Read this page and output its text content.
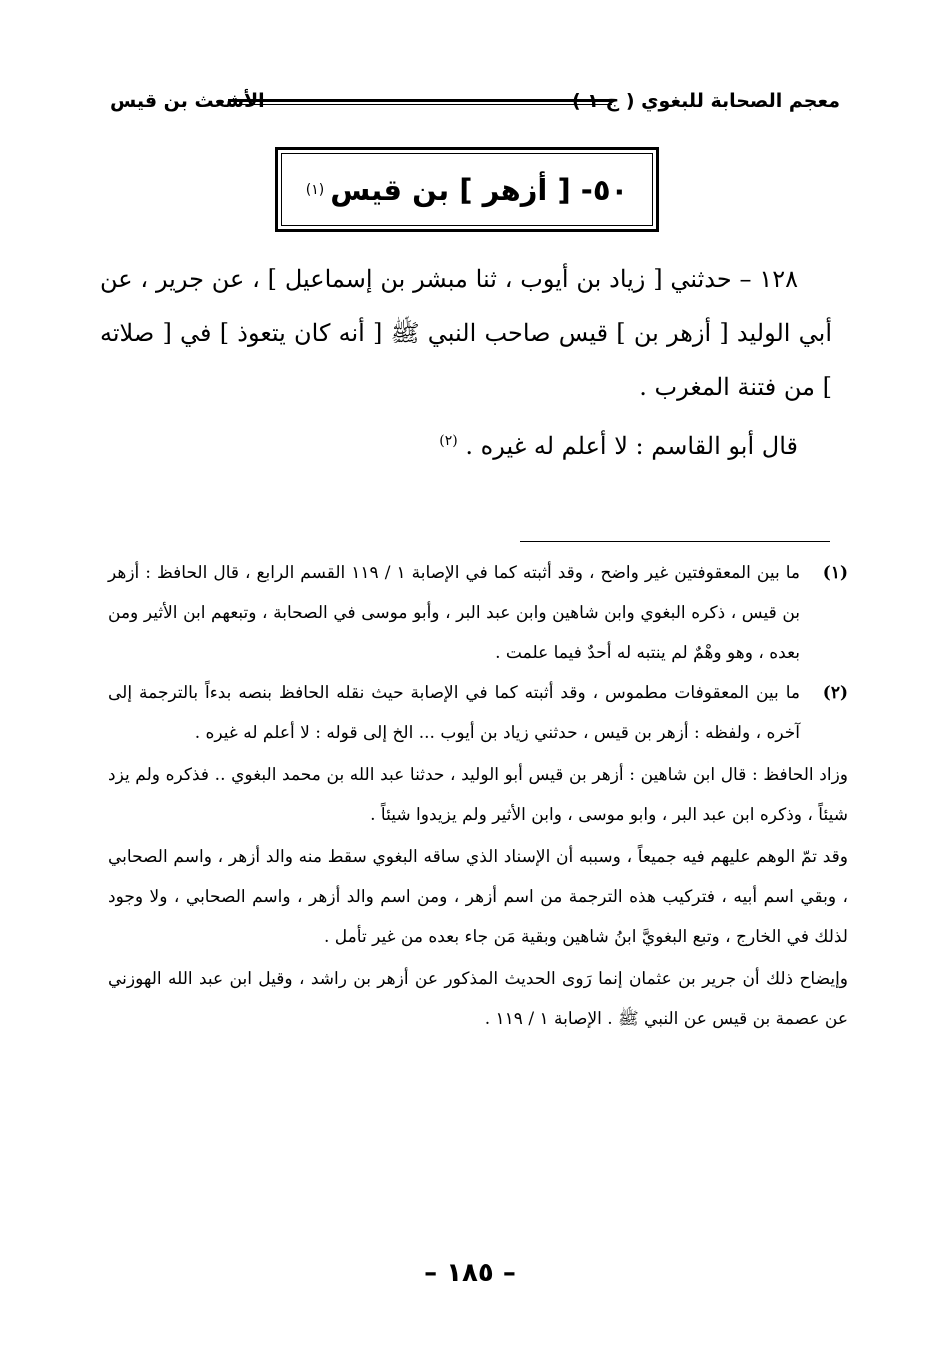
معجم الصحابة للبغوي ( ج ١ )
الأشعث بن قيس
٥٠- [ أزهر ] بن قيس
(١)

١٢٨ – حدثني [ زياد بن أيوب ، ثنا مبشر بن إسماعيل ] ، عن جرير ، عن أبي الوليد [ أزهر بن ] قيس صاحب النبي ﷺ [ أنه كان يتعوذ ] في [ صلاته ] من فتنة المغرب .

قال أبو القاسم : لا أعلم له غيره . $^{(٢)}$

(١)

ما بين المعقوفتين غير واضح ، وقد أثبته كما في الإصابة ١ / ١١٩ القسم الرابع ، قال الحافظ : أزهر بن قيس ، ذكره البغوي وابن شاهين وابن عبد البر ، وأبو موسى في الصحابة ، وتبعهم ابن الأثير ومن بعده ، وهو وهْمٌ لم ينتبه له أحدٌ فيما علمت .

(٢)

ما بين المعقوفات مطموس ، وقد أثبته كما في الإصابة حيث نقله الحافظ بنصه بدءاً بالترجمة إلى آخره ، ولفظه : أزهر بن قيس ، حدثني زياد بن أيوب ... الخ إلى قوله : لا أعلم له غيره .

وزاد الحافظ : قال ابن شاهين : أزهر بن قيس أبو الوليد ، حدثنا عبد الله بن محمد البغوي .. فذكره ولم يزد شيئاً ، وذكره ابن عبد البر ، وابو موسى ، وابن الأثير ولم يزيدوا شيئاً .

وقد تمّ الوهم عليهم فيه جميعاً ، وسببه أن الإسناد الذي ساقه البغوي سقط منه والد أزهر ، واسم الصحابي ، وبقي اسم أبيه ، فتركيب هذه الترجمة من اسم أزهر ، ومن اسم والد أزهر ، واسم الصحابي ، ولا وجود لذلك في الخارج ، وتبع البغويَّ ابنُ شاهين وبقية مَن جاء بعده من غير تأمل .

وإيضاح ذلك أن جرير بن عثمان إنما رَوى الحديث المذكور عن أزهر بن راشد ، وقيل ابن عبد الله الهوزني عن عصمة بن قيس عن النبي ﷺ . الإصابة ١ / ١١٩ .

– ١٨٥ –
